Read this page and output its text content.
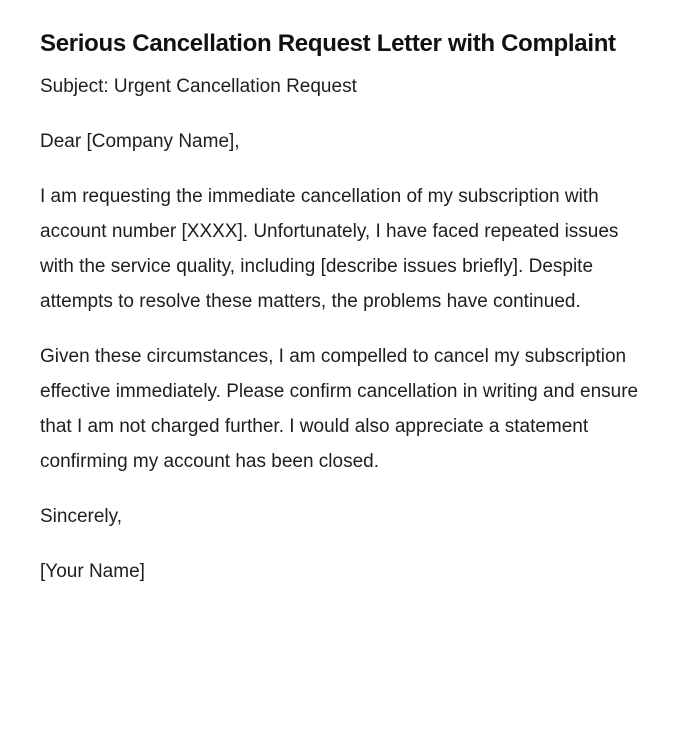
Serious Cancellation Request Letter with Complaint

Subject: Urgent Cancellation Request

Dear [Company Name],

I am requesting the immediate cancellation of my subscription with account number [XXXX]. Unfortunately, I have faced repeated issues with the service quality, including [describe issues briefly]. Despite attempts to resolve these matters, the problems have continued.

Given these circumstances, I am compelled to cancel my subscription effective immediately. Please confirm cancellation in writing and ensure that I am not charged further. I would also appreciate a statement confirming my account has been closed.

Sincerely,

[Your Name]
